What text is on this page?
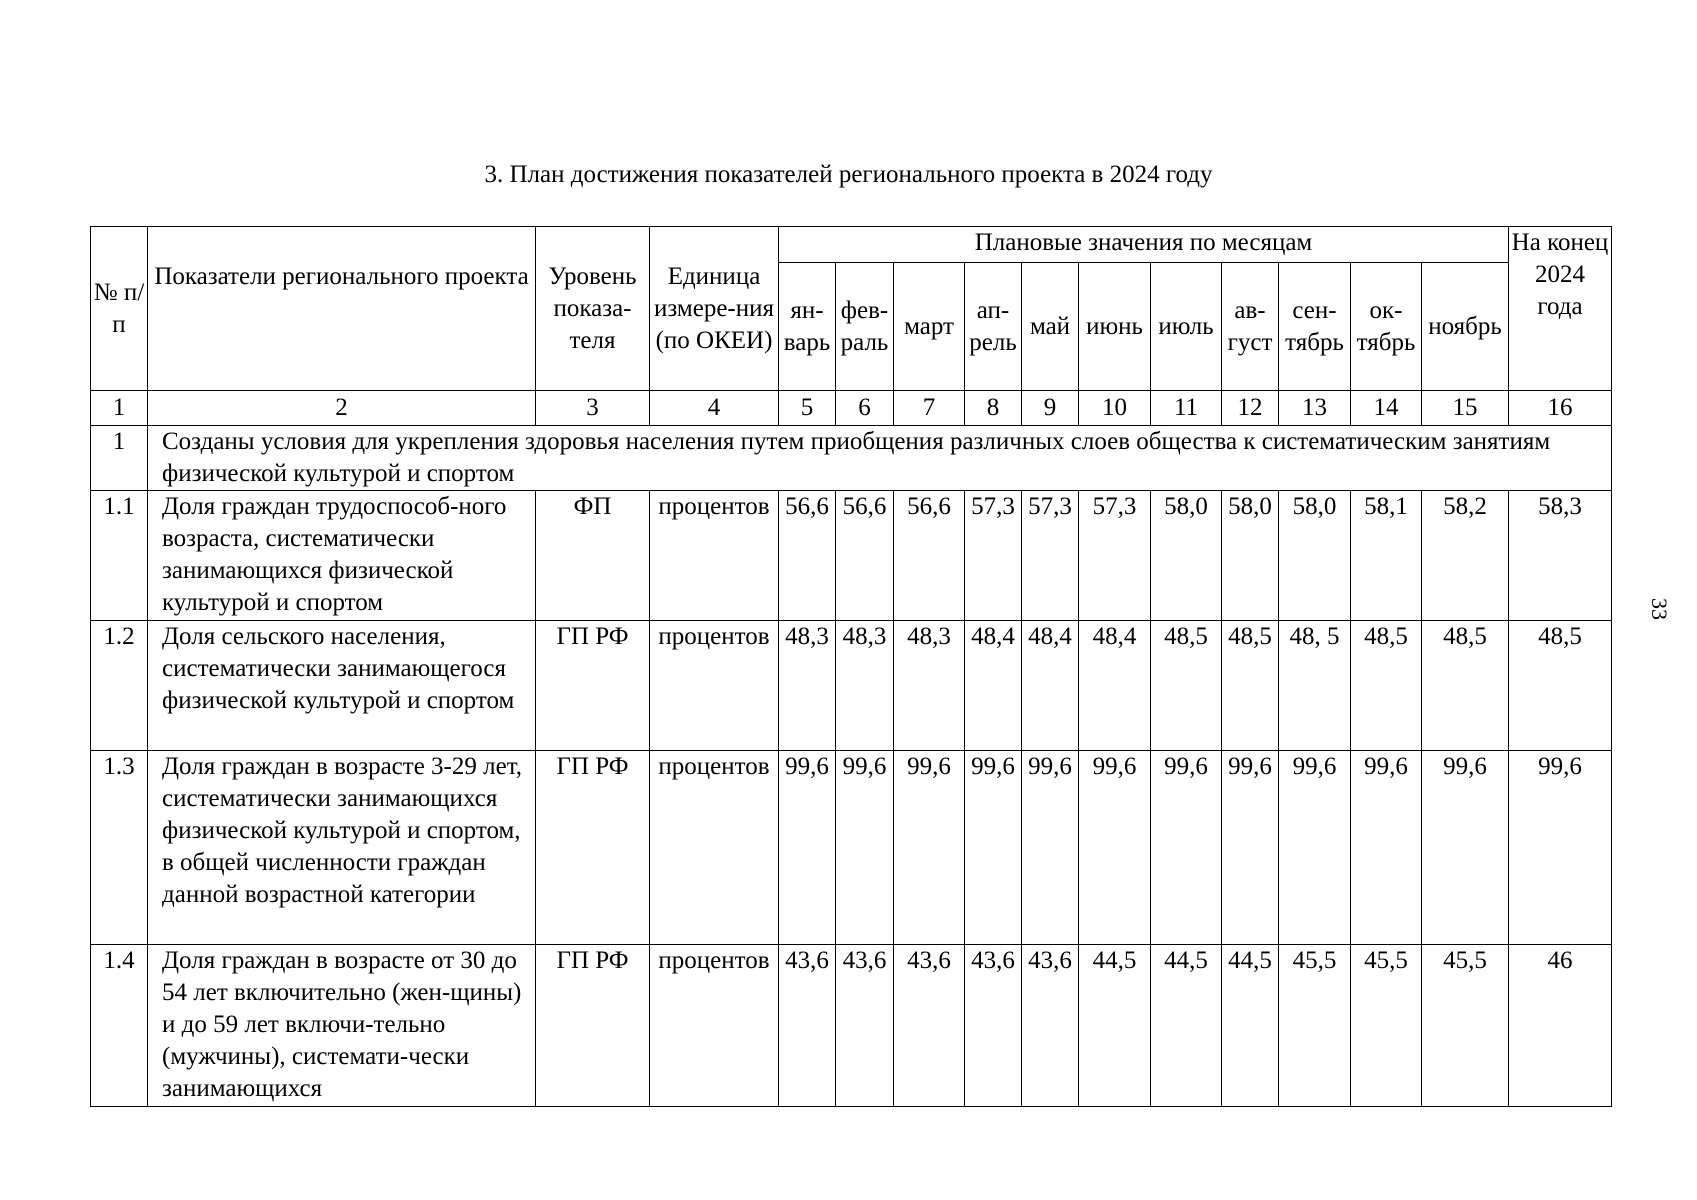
3. План достижения показателей регионального проекта в 2024 году
33
№ п/п	Показатели регионального проекта	Уровень показа-теля	Единица измере-ния (по ОКЕИ)	Плановые значения по месяцам											На конец 2024 года
				ян-варь	фев-раль	март	ап-рель	май	июнь	июль	ав-густ	сен-тябрь	ок-тябрь	ноябрь	
1	2	3	4	5	6	7	8	9	10	11	12	13	14	15	16
1	Созданы условия для укрепления здоровья населения путем приобщения различных слоев общества к систематическим занятиям физической культурой и спортом														
1.1	Доля граждан трудоспособ-ного возраста, систематически занимающихся физической культурой и спортом	ФП	процентов	56,6	56,6	56,6	57,3	57,3	57,3	58,0	58,0	58,0	58,1	58,2	58,3
1.2	Доля сельского населения, систематически занимающегося физической культурой и спортом	ГП РФ	процентов	48,3	48,3	48,3	48,4	48,4	48,4	48,5	48,5	48, 5	48,5	48,5	48,5
1.3	Доля граждан в возрасте 3-29 лет, систематически занимающихся физической культурой и спортом, в общей численности граждан данной возрастной категории	ГП РФ	процентов	99,6	99,6	99,6	99,6	99,6	99,6	99,6	99,6	99,6	99,6	99,6	99,6
1.4	Доля граждан в возрасте от 30 до 54 лет включительно (жен-щины) и до 59 лет включи-тельно (мужчины), системати-чески занимающихся	ГП РФ	процентов	43,6	43,6	43,6	43,6	43,6	44,5	44,5	44,5	45,5	45,5	45,5	46
